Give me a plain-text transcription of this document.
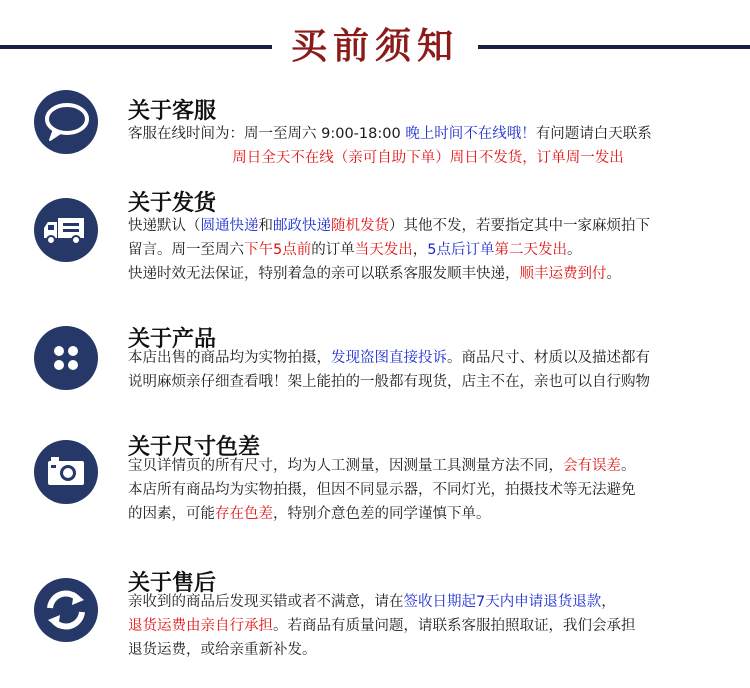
买前须知
关于客服
客服在线时间为：周一至周六 9:00-18:00 晚上时间不在线哦！有问题请白天联系
周日全天不在线（亲可自助下单）周日不发货，订单周一发出
关于发货
快递默认（圆通快递和邮政快递随机发货）其他不发，若要指定其中一家麻烦拍下
留言。周一至周六下午5点前的订单当天发出，5点后订单第二天发出。
快递时效无法保证，特别着急的亲可以联系客服发顺丰快递，顺丰运费到付。
关于产品
本店出售的商品均为实物拍摄，发现盗图直接投诉。商品尺寸、材质以及描述都有
说明麻烦亲仔细查看哦！架上能拍的一般都有现货，店主不在，亲也可以自行购物
关于尺寸色差
宝贝详情页的所有尺寸，均为人工测量，因测量工具测量方法不同，会有误差。
本店所有商品均为实物拍摄，但因不同显示器，不同灯光，拍摄技术等无法避免
的因素，可能存在色差，特别介意色差的同学谨慎下单。
关于售后
亲收到的商品后发现买错或者不满意，请在签收日期起7天内申请退货退款，
退货运费由亲自行承担。若商品有质量问题，请联系客服拍照取证，我们会承担
退货运费，或给亲重新补发。
